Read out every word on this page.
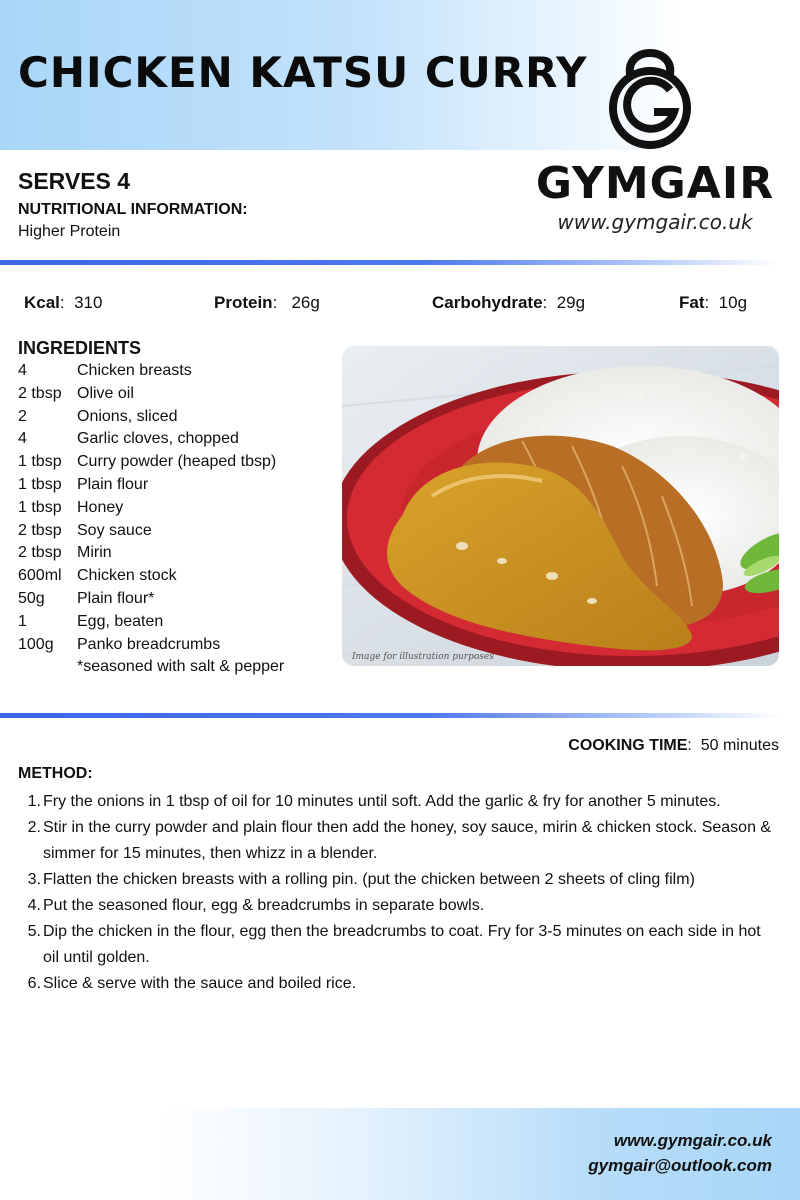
CHICKEN KATSU CURRY
SERVES 4
NUTRITIONAL INFORMATION:
Higher Protein
GYMGAIR
www.gymgair.co.uk
Kcal:  310	Protein:   26g	Carbohydrate:  29g	Fat:  10g
INGREDIENTS
4	Chicken breasts
2 tbsp Olive oil
2	Onions, sliced
4	Garlic cloves, chopped
1 tbsp Curry powder (heaped tbsp)
1 tbsp Plain flour
1 tbsp Honey
2 tbsp Soy sauce
2 tbsp Mirin
600ml Chicken stock
50g	Plain flour*
1	Egg, beaten
100g	Panko breadcrumbs
*seasoned with salt & pepper
Image for illustration purposes
COOKING TIME:  50 minutes
METHOD:
1. Fry the onions in 1 tbsp of oil for 10 minutes until soft. Add the garlic & fry for another 5 minutes.
2. Stir in the curry powder and plain flour then add the honey, soy sauce, mirin & chicken stock. Season & simmer for 15 minutes, then whizz in a blender.
3. Flatten the chicken breasts with a rolling pin. (put the chicken between 2 sheets of cling film)
4. Put the seasoned flour, egg & breadcrumbs in separate bowls.
5. Dip the chicken in the flour, egg then the breadcrumbs to coat. Fry for 3-5 minutes on each side in hot oil until golden.
6. Slice & serve with the sauce and boiled rice.
www.gymgair.co.uk
gymgair@outlook.com
